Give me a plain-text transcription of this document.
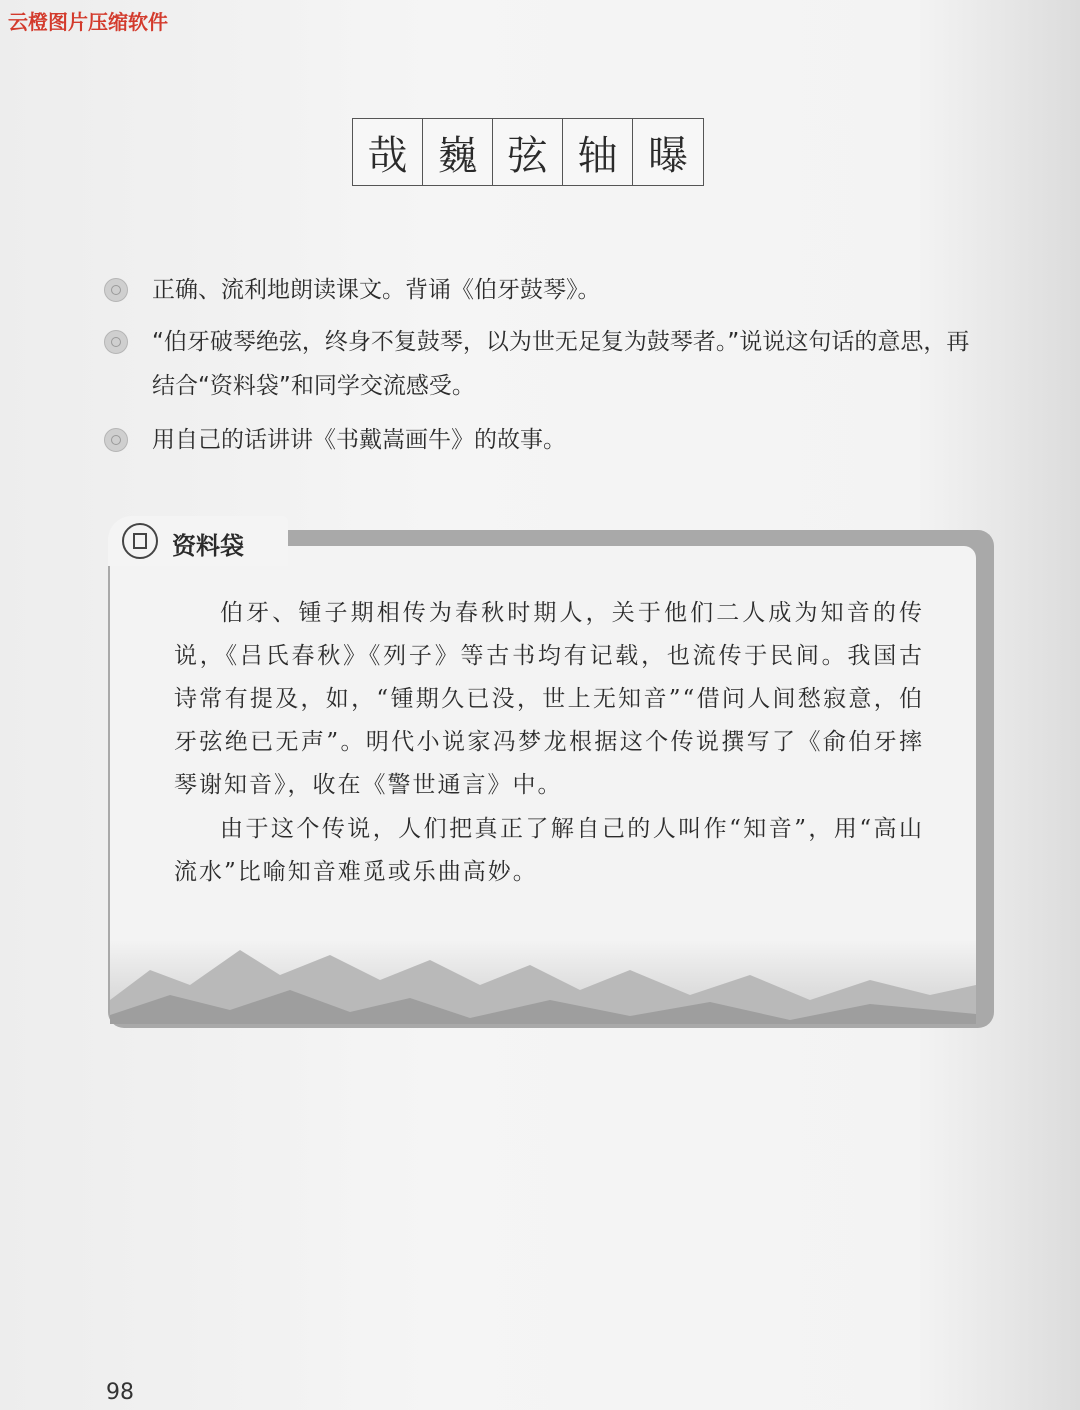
云橙图片压缩软件
哉 巍 弦 轴 曝
正确、流利地朗读课文。背诵《伯牙鼓琴》。
“伯牙破琴绝弦，终身不复鼓琴，以为世无足复为鼓琴者。”说说这句话的意思，再结合“资料袋”和同学交流感受。
用自己的话讲讲《书戴嵩画牛》的故事。
资料袋
伯牙、锺子期相传为春秋时期人，关于他们二人成为知音的传说，《吕氏春秋》《列子》等古书均有记载，也流传于民间。我国古诗常有提及，如，“锺期久已没，世上无知音”“借问人间愁寂意，伯牙弦绝已无声”。明代小说家冯梦龙根据这个传说撰写了《俞伯牙摔琴谢知音》，收在《警世通言》中。
由于这个传说，人们把真正了解自己的人叫作“知音”，用“高山流水”比喻知音难觅或乐曲高妙。
98
